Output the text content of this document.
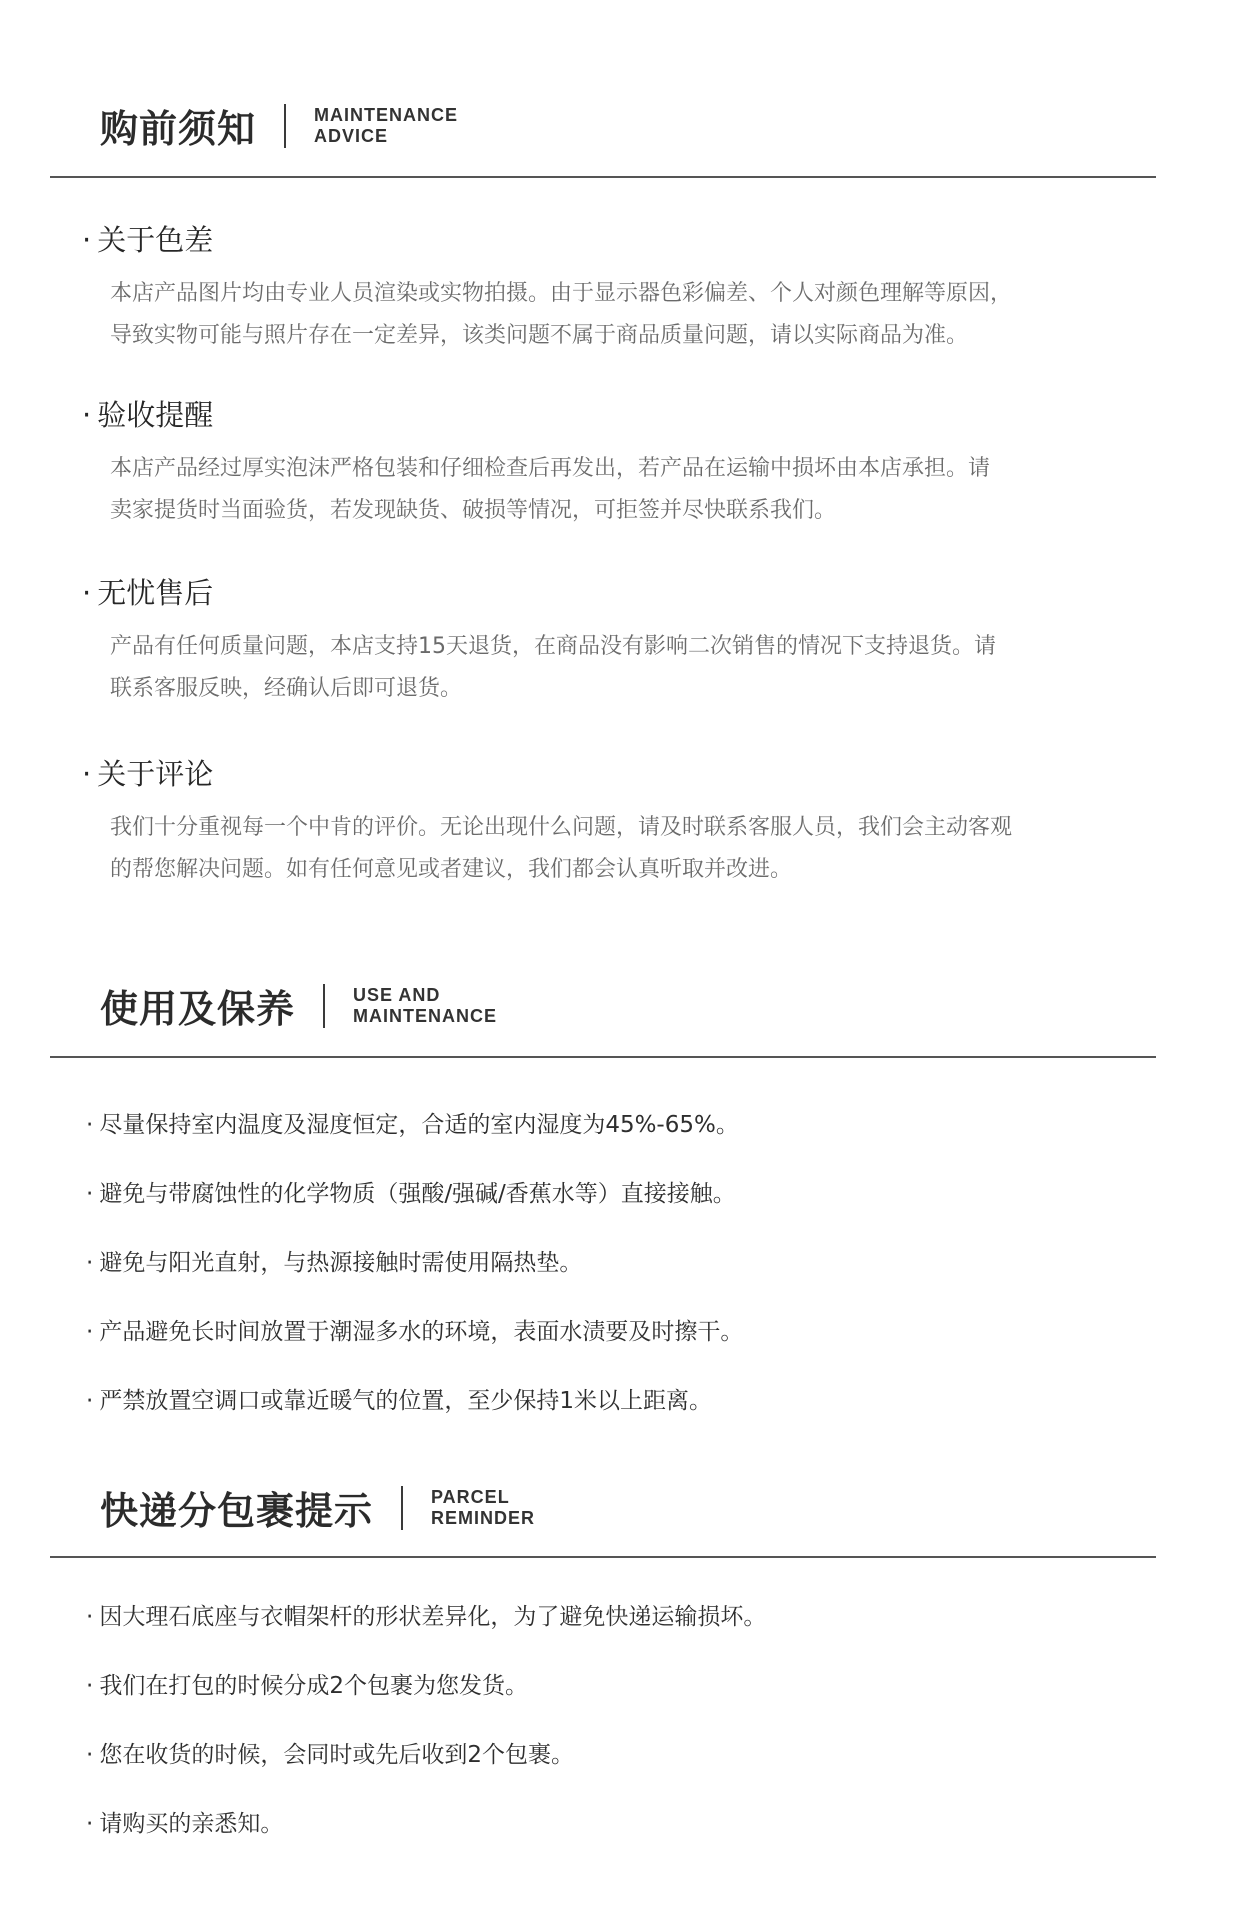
购前须知	MAINTENANCE
ADVICE
· 关于色差

本店产品图片均由专业人员渲染或实物拍摄。由于显示器色彩偏差、个人对颜色理解等原因，

导致实物可能与照片存在一定差异，该类问题不属于商品质量问题，请以实际商品为准。

· 验收提醒

本店产品经过厚实泡沫严格包装和仔细检查后再发出，若产品在运输中损坏由本店承担。请

卖家提货时当面验货，若发现缺货、破损等情况，可拒签并尽快联系我们。

· 无忧售后

产品有任何质量问题，本店支持15天退货，在商品没有影响二次销售的情况下支持退货。请

联系客服反映，经确认后即可退货。

· 关于评论

我们十分重视每一个中肯的评价。无论出现什么问题，请及时联系客服人员，我们会主动客观

的帮您解决问题。如有任何意见或者建议，我们都会认真听取并改进。

使用及保养	USE AND
MAINTENANCE
· 尽量保持室内温度及湿度恒定，合适的室内湿度为45%-65%。
· 避免与带腐蚀性的化学物质（强酸/强碱/香蕉水等）直接接触。
· 避免与阳光直射，与热源接触时需使用隔热垫。
· 产品避免长时间放置于潮湿多水的环境，表面水渍要及时擦干。
· 严禁放置空调口或靠近暖气的位置，至少保持1米以上距离。
快递分包裹提示	PARCEL
REMINDER
· 因大理石底座与衣帽架杆的形状差异化，为了避免快递运输损坏。
· 我们在打包的时候分成2个包裹为您发货。
· 您在收货的时候，会同时或先后收到2个包裹。
· 请购买的亲悉知。
